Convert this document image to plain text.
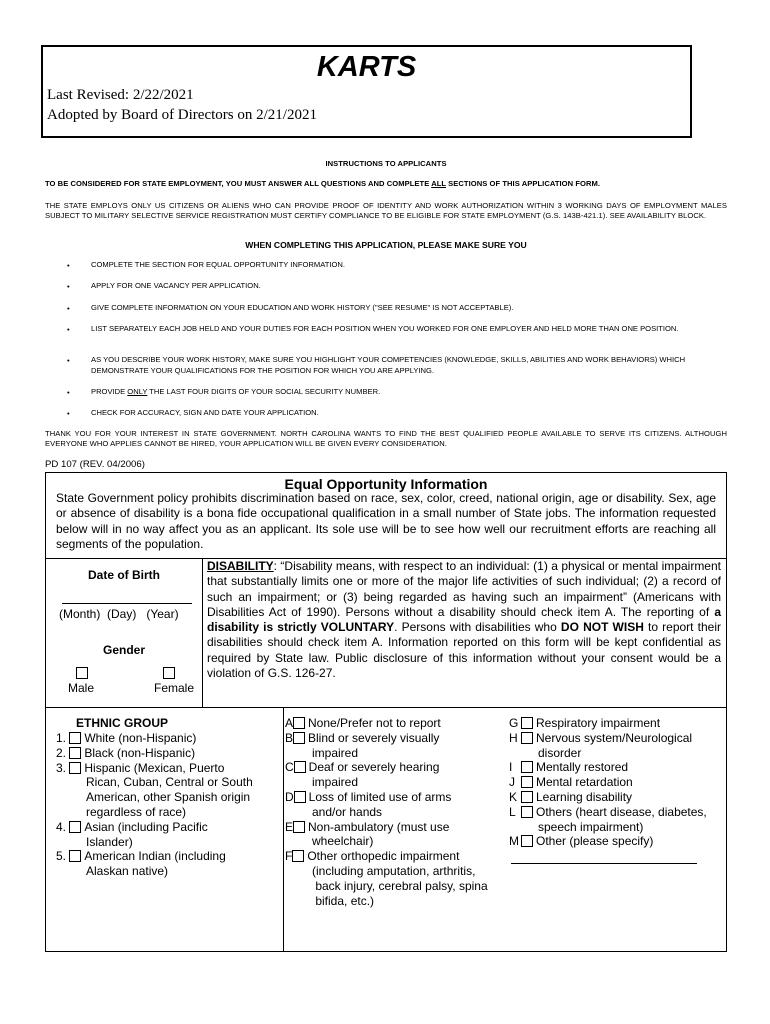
KARTS
Last Revised: 2/22/2021
Adopted by Board of Directors on 2/21/2021
INSTRUCTIONS TO APPLICANTS
TO BE CONSIDERED FOR STATE EMPLOYMENT, YOU MUST ANSWER ALL QUESTIONS AND COMPLETE ALL SECTIONS OF THIS APPLICATION FORM.
THE STATE EMPLOYS ONLY US CITIZENS OR ALIENS WHO CAN PROVIDE PROOF OF IDENTITY AND WORK AUTHORIZATION WITHIN 3 WORKING DAYS OF EMPLOYMENT MALES SUBJECT TO MILITARY SELECTIVE SERVICE REGISTRATION MUST CERTIFY COMPLIANCE TO BE ELIGIBLE FOR STATE EMPLOYMENT (G.S. 143B-421.1). SEE AVAILABILITY BLOCK.
WHEN COMPLETING THIS APPLICATION, PLEASE MAKE SURE YOU
•	COMPLETE THE SECTION FOR EQUAL OPPORTUNITY INFORMATION.
•	APPLY FOR ONE VACANCY PER APPLICATION.
•	GIVE COMPLETE INFORMATION ON YOUR EDUCATION AND WORK HISTORY ("SEE RESUME" IS NOT ACCEPTABLE).
•	LIST SEPARATELY EACH JOB HELD AND YOUR DUTIES FOR EACH POSITION WHEN YOU WORKED FOR ONE EMPLOYER AND HELD MORE THAN ONE POSITION.
•	AS YOU DESCRIBE YOUR WORK HISTORY, MAKE SURE YOU HIGHLIGHT YOUR COMPETENCIES (KNOWLEDGE, SKILLS, ABILITIES AND WORK BEHAVIORS) WHICH DEMONSTRATE YOUR QUALIFICATIONS FOR THE POSITION FOR WHICH YOU ARE APPLYING.
•	PROVIDE ONLY THE LAST FOUR DIGITS OF YOUR SOCIAL SECURITY NUMBER.
•	CHECK FOR ACCURACY, SIGN AND DATE YOUR APPLICATION.
THANK YOU FOR YOUR INTEREST IN STATE GOVERNMENT. NORTH CAROLINA WANTS TO FIND THE BEST QUALIFIED PEOPLE AVAILABLE TO SERVE ITS CITIZENS. ALTHOUGH EVERYONE WHO APPLIES CANNOT BE HIRED, YOUR APPLICATION WILL BE GIVEN EVERY CONSIDERATION.
PD 107 (REV. 04/2006)
Equal Opportunity Information
State Government policy prohibits discrimination based on race, sex, color, creed, national origin, age or disability. Sex, age or absence of disability is a bona fide occupational qualification in a small number of State jobs. The information requested below will in no way affect you as an applicant. Its sole use will be to see how well our recruitment efforts are reaching all segments of the population.
Date of Birth
(Month)  (Day)   (Year)
Gender
Male	Female
DISABILITY: “Disability means, with respect to an individual: (1) a physical or mental impairment that substantially limits one or more of the major life activities of such individual; (2) a record of such an impairment; or (3) being regarded as having such an impairment” (Americans with Disabilities Act of 1990). Persons without a disability should check item A. The reporting of a disability is strictly VOLUNTARY. Persons with disabilities who DO NOT WISH to report their disabilities should check item A. Information reported on this form will be kept confidential as required by State law. Public disclosure of this information without your consent would be a violation of G.S. 126-27.
ETHNIC GROUP
1. White (non-Hispanic)
2. Black (non-Hispanic)
3. Hispanic (Mexican, Puerto
Rican, Cuban, Central or South
American, other Spanish origin
regardless of race)
4. Asian (including Pacific
Islander)
5. American Indian (including
Alaskan native)
A None/Prefer not to report
B Blind or severely visually
impaired
C Deaf or severely hearing
impaired
D Loss of limited use of arms
and/or hands
E Non-ambulatory (must use
wheelchair)
F Other orthopedic impairment
(including amputation, arthritis,
back injury, cerebral palsy, spina
bifida, etc.)
G Respiratory impairment
H Nervous system/Neurological
disorder
I Mentally restored
J Mental retardation
K Learning disability
L Others (heart disease, diabetes,
speech impairment)
M Other (please specify)
